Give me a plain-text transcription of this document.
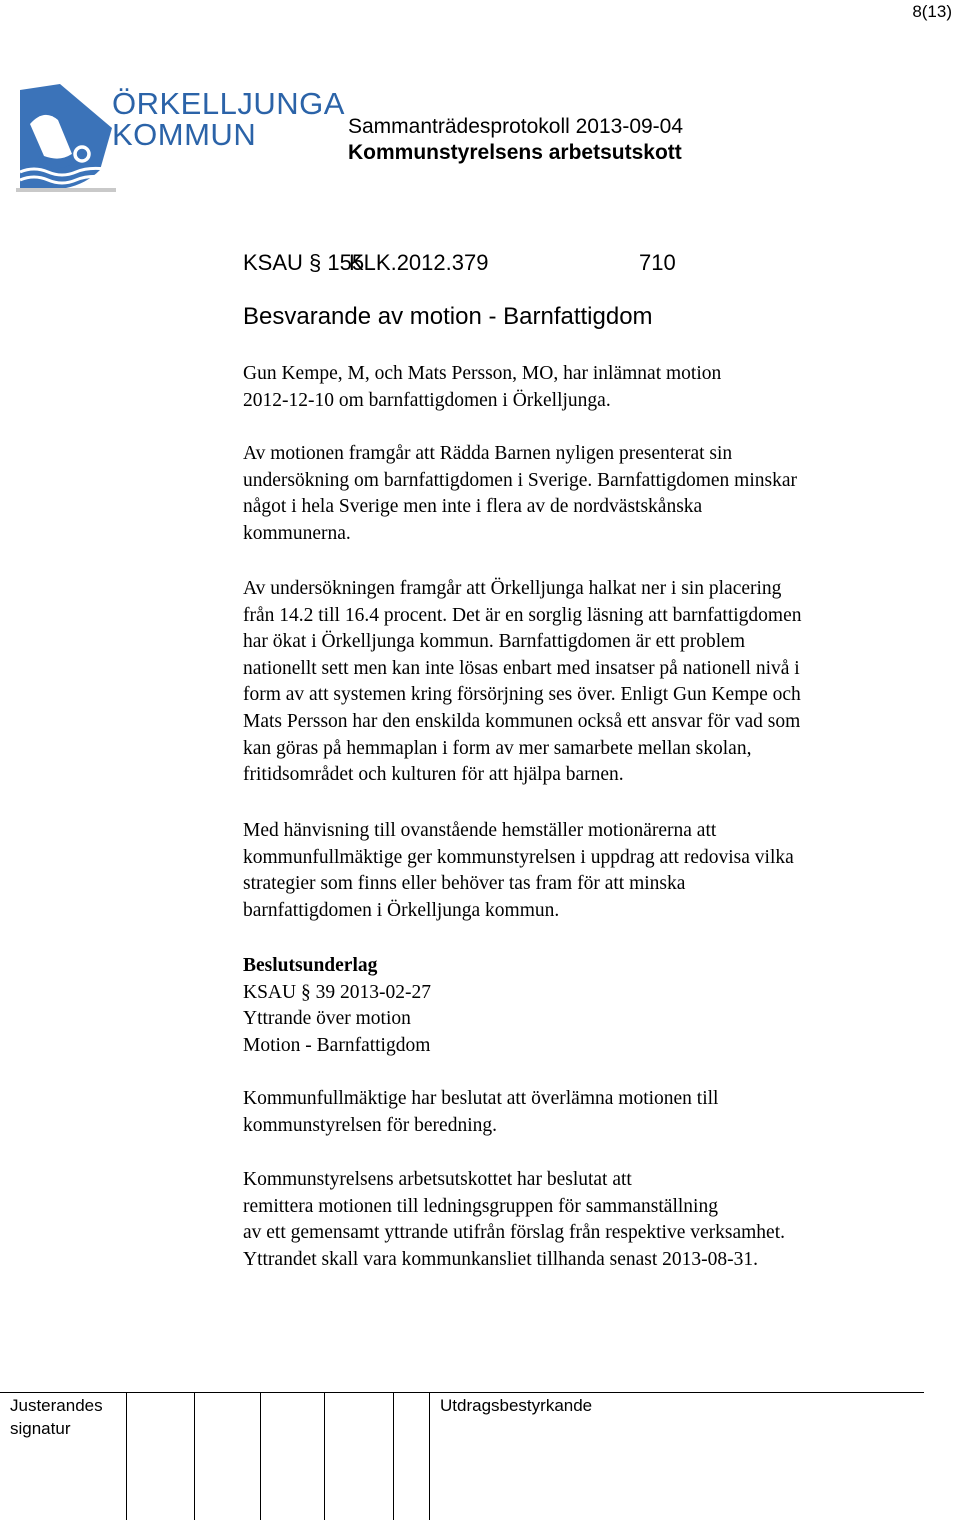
8(13)
ÖRKELLJUNGA
KOMMUN	Sammanträdesprotokoll 2013-09-04
Kommunstyrelsens arbetsutskott
KSAU § 155KLK.2012.379	710
Besvarande av motion - Barnfattigdom
Gun Kempe, M, och Mats Persson, MO, har inlämnat motion
2012-12-10 om barnfattigdomen i Örkelljunga.
Av motionen framgår att Rädda Barnen nyligen presenterat sin
undersökning om barnfattigdomen i Sverige. Barnfattigdomen minskar
något i hela Sverige men inte i flera av de nordvästskånska
kommunerna.
Av undersökningen framgår att Örkelljunga halkat ner i sin placering
från 14.2 till 16.4 procent. Det är en sorglig läsning att barnfattigdomen
har ökat i Örkelljunga kommun. Barnfattigdomen är ett problem
nationellt sett men kan inte lösas enbart med insatser på nationell nivå i
form av att systemen kring försörjning ses över. Enligt Gun Kempe och
Mats Persson har den enskilda kommunen också ett ansvar för vad som
kan göras på hemmaplan i form av mer samarbete mellan skolan,
fritidsområdet och kulturen för att hjälpa barnen.
Med hänvisning till ovanstående hemställer motionärerna att
kommunfullmäktige ger kommunstyrelsen i uppdrag att redovisa vilka
strategier som finns eller behöver tas fram för att minska
barnfattigdomen i Örkelljunga kommun.
Beslutsunderlag
KSAU § 39 2013-02-27
Yttrande över motion
Motion - Barnfattigdom
Kommunfullmäktige har beslutat att överlämna motionen till
kommunstyrelsen för beredning.
Kommunstyrelsens arbetsutskottet har beslutat att
remittera motionen till ledningsgruppen för sammanställning
av ett gemensamt yttrande utifrån förslag från respektive verksamhet.
Yttrandet skall vara kommunkansliet tillhanda senast 2013-08-31.
Justerandes
signatur
Utdragsbestyrkande
